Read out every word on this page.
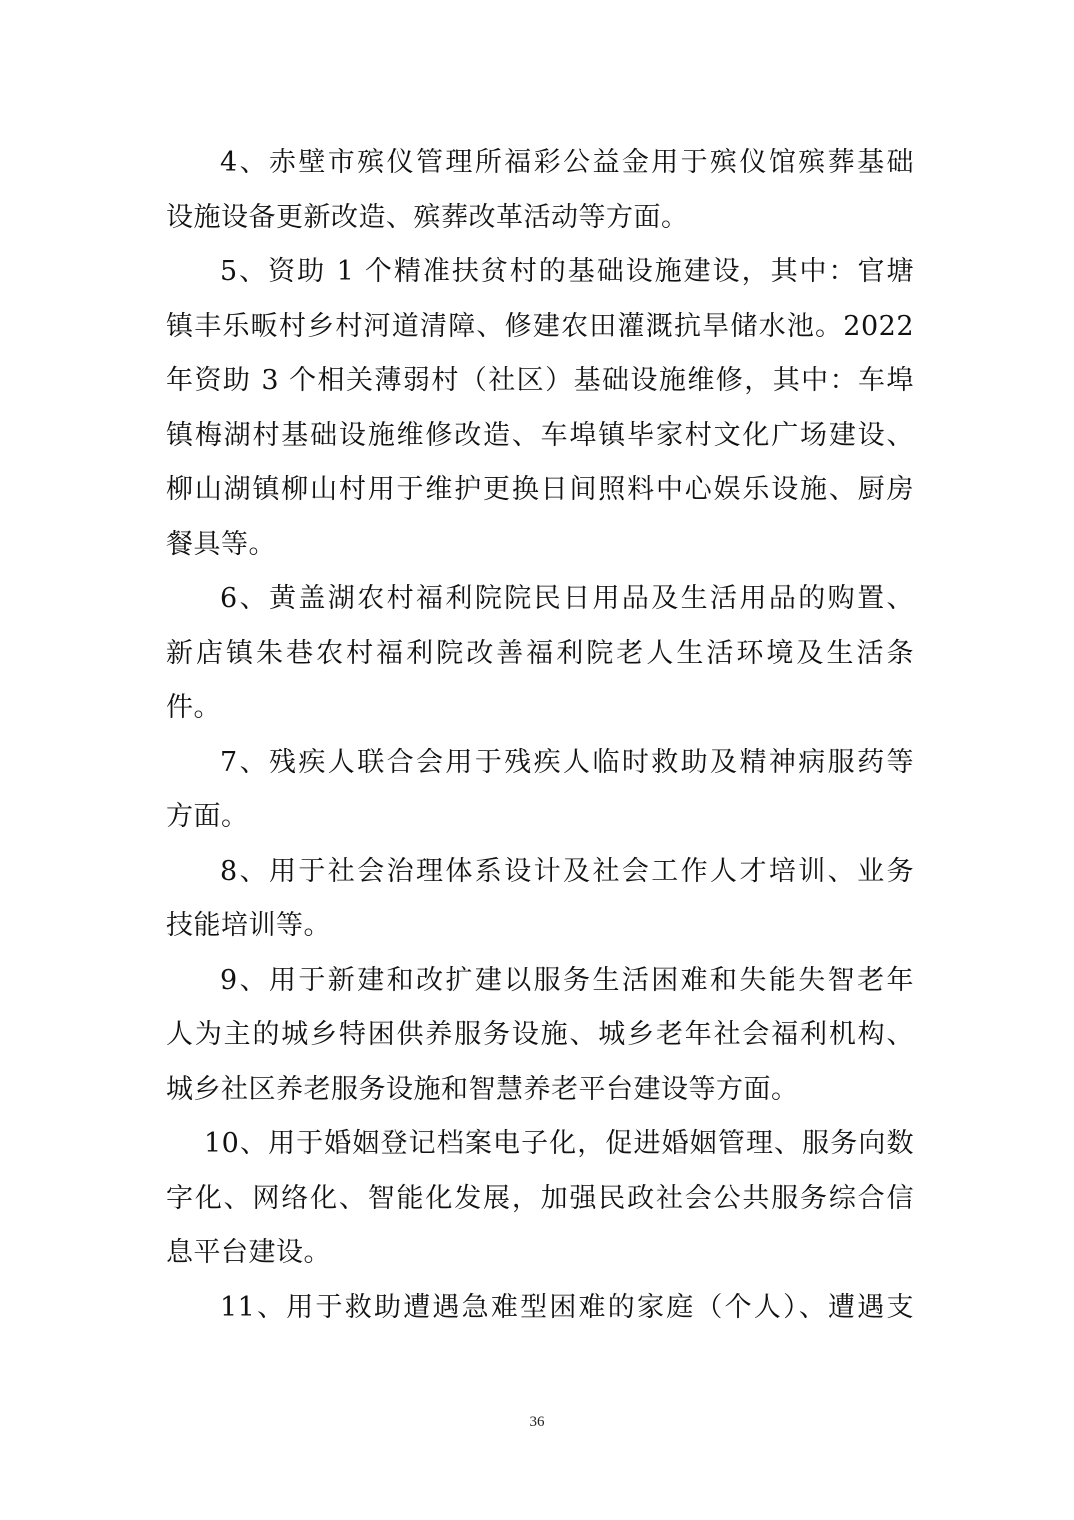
4、赤壁市殡仪管理所福彩公益金用于殡仪馆殡葬基础
设施设备更新改造、殡葬改革活动等方面。
5、资助 1 个精准扶贫村的基础设施建设，其中：官塘
镇丰乐畈村乡村河道清障、修建农田灌溉抗旱储水池。2022
年资助 3 个相关薄弱村（社区）基础设施维修，其中：车埠
镇梅湖村基础设施维修改造、车埠镇毕家村文化广场建设、
柳山湖镇柳山村用于维护更换日间照料中心娱乐设施、厨房
餐具等。
6、黄盖湖农村福利院院民日用品及生活用品的购置、
新店镇朱巷农村福利院改善福利院老人生活环境及生活条
件。
7、残疾人联合会用于残疾人临时救助及精神病服药等
方面。
8、用于社会治理体系设计及社会工作人才培训、业务
技能培训等。
9、用于新建和改扩建以服务生活困难和失能失智老年
人为主的城乡特困供养服务设施、城乡老年社会福利机构、
城乡社区养老服务设施和智慧养老平台建设等方面。
10、用于婚姻登记档案电子化，促进婚姻管理、服务向数
字化、网络化、智能化发展，加强民政社会公共服务综合信
息平台建设。
11、用于救助遭遇急难型困难的家庭（个人）、遭遇支
36
